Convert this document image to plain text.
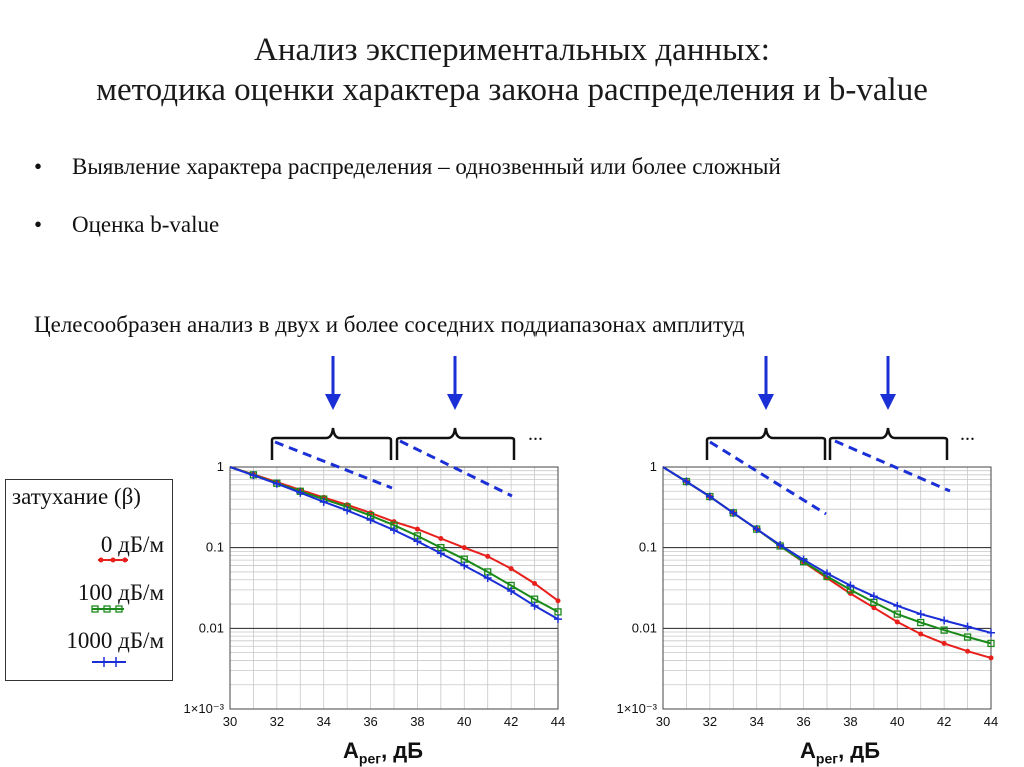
Анализ экспериментальных данных:
методика оценки характера закона распределения и b-value
•	Выявление характера распределения – однозвенный или более сложный
•	Оценка b-value
Целесообразен анализ в двух и более соседних поддиапазонах амплитуд
1
0.1
0.01
1×10⁻³
30 32 34 36 38 40 42 44
1
0.1
0.01
1×10⁻³
30 32 34 36 38 40 42 44
...	...
затухание (β)
0 дБ/м
100 дБ/м
1000 дБ/м
$A_{рег}$, дБ	$A_{рег}$, дБ
